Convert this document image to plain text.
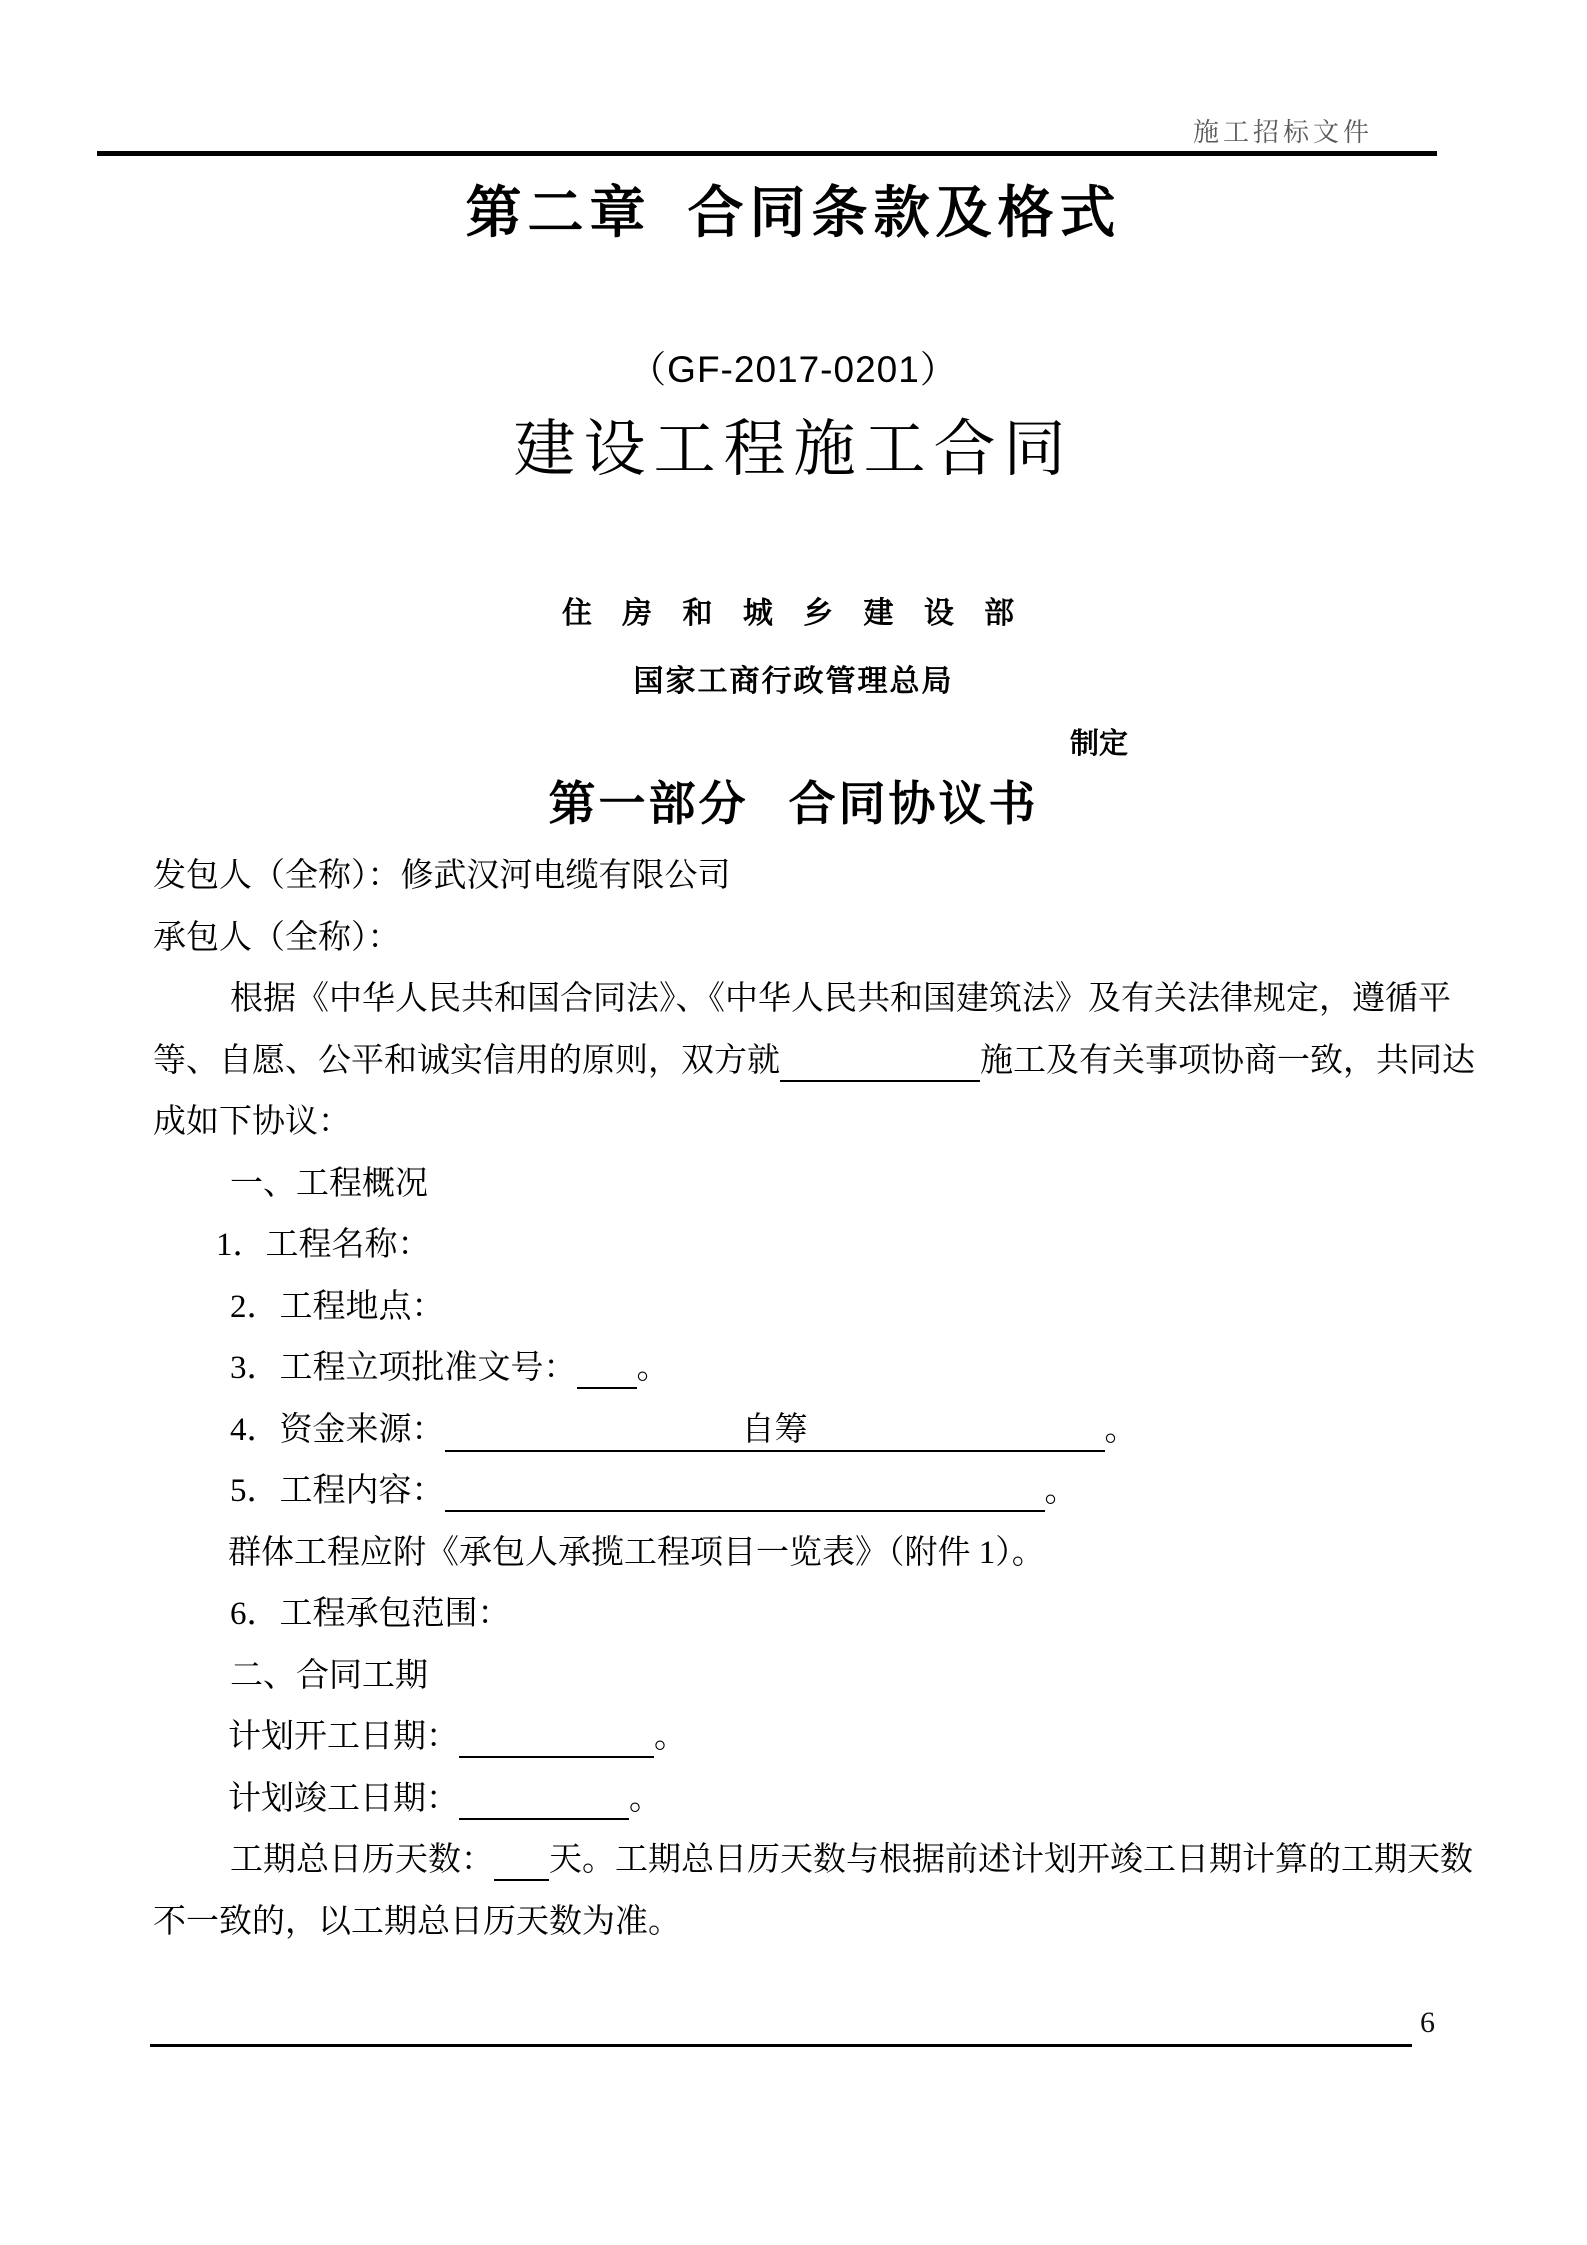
施工招标文件
第二章 合同条款及格式
（GF-2017-0201）
建设工程施工合同
住 房 和 城 乡 建 设 部
国家工商行政管理总局
制定
第一部分 合同协议书
发包人（全称）：修武汉河电缆有限公司
承包人（全称）：
根据《中华人民共和国合同法》、《中华人民共和国建筑法》及有关法律规定，遵循平
等、自愿、公平和诚实信用的原则，双方就	施工及有关事项协商一致，共同达
成如下协议：
一、工程概况
1．工程名称：
2．工程地点：
3．工程立项批准文号： 。
4．资金来源：	自筹	。
5．工程内容：	。
群体工程应附《承包人承揽工程项目一览表》（附件 1）。
6．工程承包范围：
二、合同工期
计划开工日期：	。
计划竣工日期：	。
工期总日历天数： 天。工期总日历天数与根据前述计划开竣工日期计算的工期天数
不一致的，以工期总日历天数为准。
6
